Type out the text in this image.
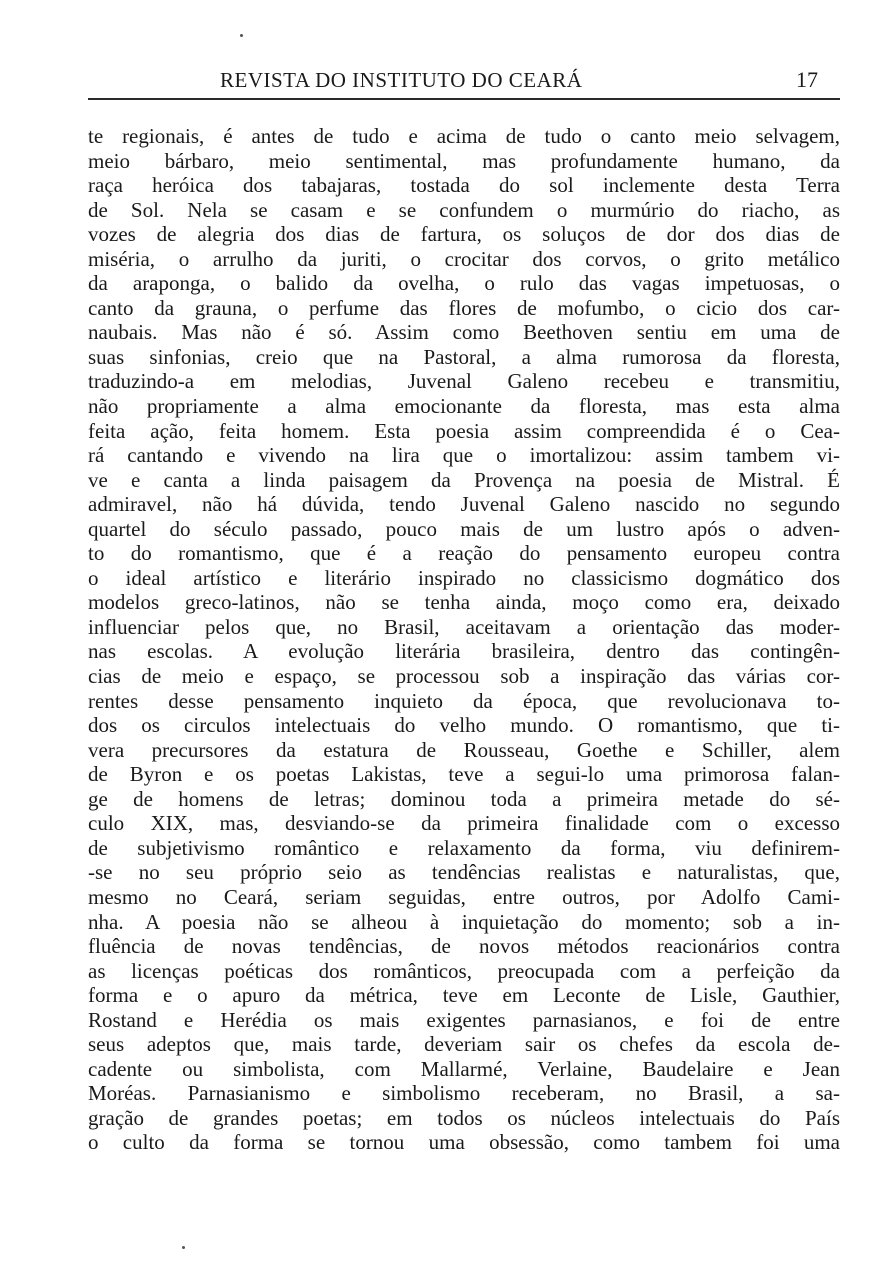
REVISTA DO INSTITUTO DO CEARÁ	17
te regionais, é antes de tudo e acima de tudo o canto meio selvagem,
meio bárbaro, meio sentimental, mas profundamente humano, da
raça heróica dos tabajaras, tostada do sol inclemente desta Terra
de Sol. Nela se casam e se confundem o murmúrio do riacho, as
vozes de alegria dos dias de fartura, os soluços de dor dos dias de
miséria, o arrulho da juriti, o crocitar dos corvos, o grito metálico
da araponga, o balido da ovelha, o rulo das vagas impetuosas, o
canto da grauna, o perfume das flores de mofumbo, o cicio dos car-
naubais. Mas não é só. Assim como Beethoven sentiu em uma de
suas sinfonias, creio que na Pastoral, a alma rumorosa da floresta,
traduzindo-a em melodias, Juvenal Galeno recebeu e transmitiu,
não propriamente a alma emocionante da floresta, mas esta alma
feita ação, feita homem. Esta poesia assim compreendida é o Cea-
rá cantando e vivendo na lira que o imortalizou: assim tambem vi-
ve e canta a linda paisagem da Provença na poesia de Mistral. É
admiravel, não há dúvida, tendo Juvenal Galeno nascido no segundo
quartel do século passado, pouco mais de um lustro após o adven-
to do romantismo, que é a reação do pensamento europeu contra
o ideal artístico e literário inspirado no classicismo dogmático dos
modelos greco-latinos, não se tenha ainda, moço como era, deixado
influenciar pelos que, no Brasil, aceitavam a orientação das moder-
nas escolas. A evolução literária brasileira, dentro das contingên-
cias de meio e espaço, se processou sob a inspiração das várias cor-
rentes desse pensamento inquieto da época, que revolucionava to-
dos os circulos intelectuais do velho mundo. O romantismo, que ti-
vera precursores da estatura de Rousseau, Goethe e Schiller, alem
de Byron e os poetas Lakistas, teve a segui-lo uma primorosa falan-
ge de homens de letras; dominou toda a primeira metade do sé-
culo XIX, mas, desviando-se da primeira finalidade com o excesso
de subjetivismo romântico e relaxamento da forma, viu definirem-
-se no seu próprio seio as tendências realistas e naturalistas, que,
mesmo no Ceará, seriam seguidas, entre outros, por Adolfo Cami-
nha. A poesia não se alheou à inquietação do momento; sob a in-
fluência de novas tendências, de novos métodos reacionários contra
as licenças poéticas dos românticos, preocupada com a perfeição da
forma e o apuro da métrica, teve em Leconte de Lisle, Gauthier,
Rostand e Herédia os mais exigentes parnasianos, e foi de entre
seus adeptos que, mais tarde, deveriam sair os chefes da escola de-
cadente ou simbolista, com Mallarmé, Verlaine, Baudelaire e Jean
Moréas. Parnasianismo e simbolismo receberam, no Brasil, a sa-
gração de grandes poetas; em todos os núcleos intelectuais do País
o culto da forma se tornou uma obsessão, como tambem foi uma
